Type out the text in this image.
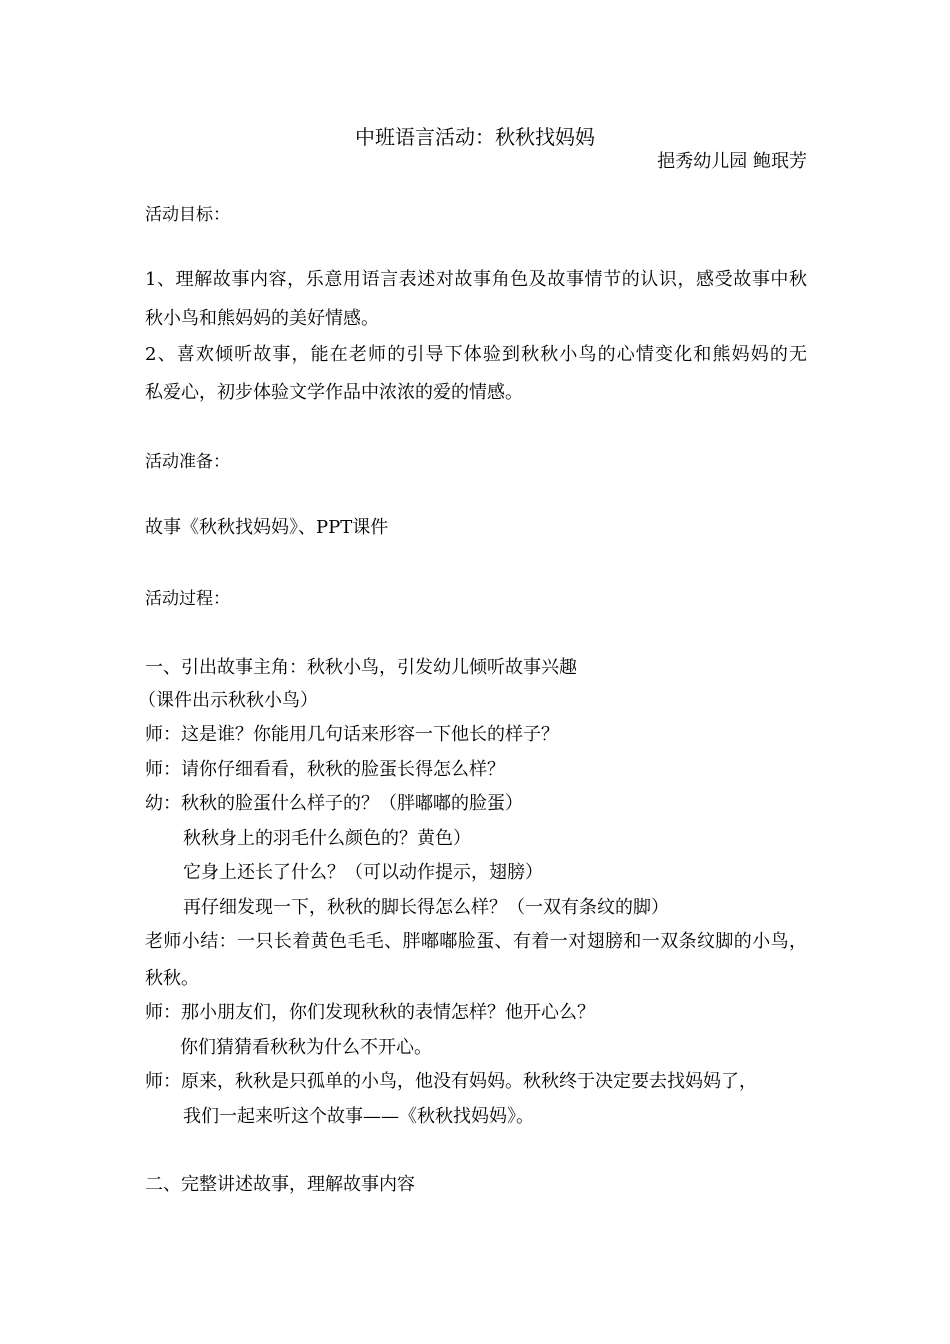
中班语言活动：秋秋找妈妈
挹秀幼儿园 鲍珉芳
活动目标：
1、理解故事内容，乐意用语言表述对故事角色及故事情节的认识，感受故事中秋
秋小鸟和熊妈妈的美好情感。
2、喜欢倾听故事，能在老师的引导下体验到秋秋小鸟的心情变化和熊妈妈的无
私爱心，初步体验文学作品中浓浓的爱的情感。
活动准备：
故事《秋秋找妈妈》、PPT课件
活动过程：
一、引出故事主角：秋秋小鸟，引发幼儿倾听故事兴趣
（课件出示秋秋小鸟）
师：这是谁？你能用几句话来形容一下他长的样子？
师：请你仔细看看，秋秋的脸蛋长得怎么样？
幼：秋秋的脸蛋什么样子的？（胖嘟嘟的脸蛋）
秋秋身上的羽毛什么颜色的？黄色）
它身上还长了什么？（可以动作提示，翅膀）
再仔细发现一下，秋秋的脚长得怎么样？（一双有条纹的脚）
老师小结：一只长着黄色毛毛、胖嘟嘟脸蛋、有着一对翅膀和一双条纹脚的小鸟，
秋秋。
师：那小朋友们，你们发现秋秋的表情怎样？他开心么？
你们猜猜看秋秋为什么不开心。
师：原来，秋秋是只孤单的小鸟，他没有妈妈。秋秋终于决定要去找妈妈了，
我们一起来听这个故事——《秋秋找妈妈》。
二、完整讲述故事，理解故事内容
